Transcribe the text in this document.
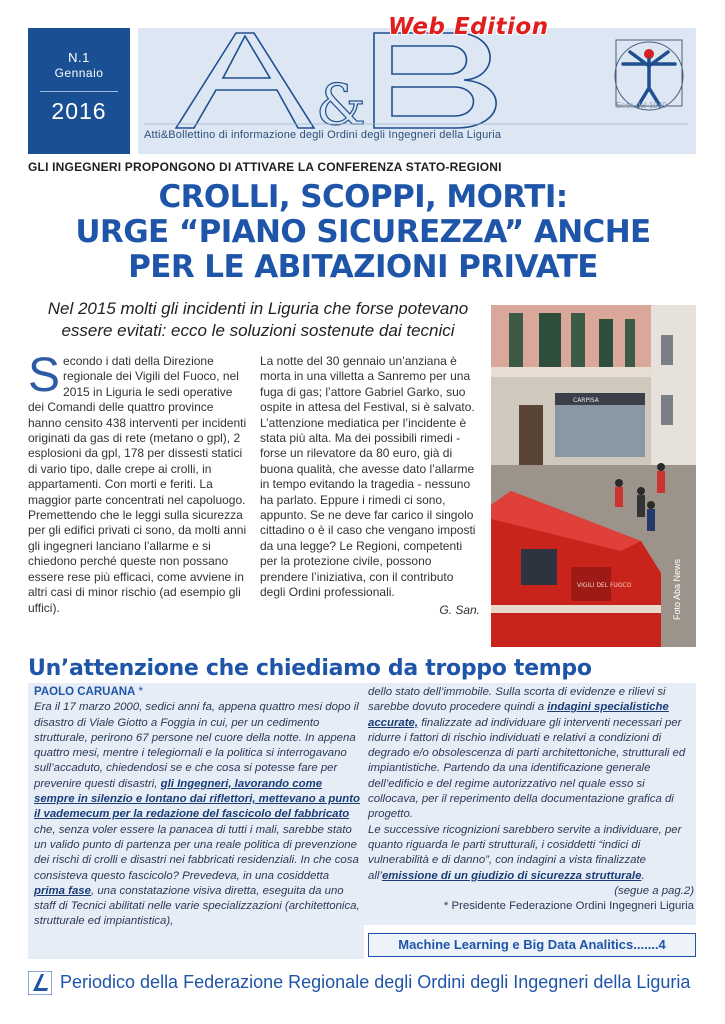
N.1
Gennaio
2016	&
Web Edition
Esce dal 1949
Atti&Bollettino di informazione degli Ordini degli Ingegneri della Liguria
GLI INGEGNERI PROPONGONO DI ATTIVARE LA CONFERENZA STATO-REGIONI
CROLLI, SCOPPI, MORTI:
URGE “PIANO SICUREZZA” ANCHE
PER LE ABITAZIONI PRIVATE
Nel 2015 molti gli incidenti in Liguria che forse potevano essere evitati: ecco le soluzioni sostenute dai tecnici
S econdo i dati della Direzione regionale dei Vigili del Fuoco, nel 2015 in Liguria le sedi operative dei Comandi delle quattro province hanno censito 438 interventi per incidenti originati da gas di rete (metano o gpl), 2 esplosioni da gpl, 178 per dissesti statici di vario tipo, dalle crepe ai crolli, in appartamenti. Con morti e feriti. La maggior parte concentrati nel capoluogo. Premettendo che le leggi sulla sicurezza per gli edifici privati ci sono, da molti anni gli ingegneri lanciano l’allarme e si chiedono perché queste non possano essere rese più efficaci, come avviene in altri casi di minor rischio (ad esempio gli uffici).
La notte del 30 gennaio un’anziana è morta in una villetta a Sanremo per una fuga di gas; l’attore Gabriel Garko, suo ospite in attesa del Festival, si è salvato. L’attenzione mediatica per l’incidente è stata più alta. Ma dei possibili rimedi - forse un rilevatore da 80 euro, già di buona qualità, che avesse dato l’allarme in tempo evitando la tragedia - nessuno ha parlato. Eppure i rimedi ci sono, appunto. Se ne deve far carico il singolo cittadino o è il caso che vengano imposti da una legge? Le Regioni, competenti per la protezione civile, possono prendere l’iniziativa, con il contributo degli Ordini professionali.
G. San.
CARPISA
VIGILI DEL FUOCO	Foto Aba News
Un’attenzione che chiediamo da troppo tempo
PAOLO CARUANA *
Era il 17 marzo 2000, sedici anni fa, appena quattro mesi dopo il disastro di Viale Giotto a Foggia in cui, per un cedimento strutturale, perirono 67 persone nel cuore della notte. In appena quattro mesi, mentre i telegiornali e la politica si interrogavano sull’accaduto, chiedendosi se e che cosa si potesse fare per prevenire questi disastri, gli Ingegneri, lavorando come sempre in silenzio e lontano dai riflettori, mettevano a punto il vademecum per la redazione del fascicolo del fabbricato che, senza voler essere la panacea di tutti i mali, sarebbe stato un valido punto di partenza per una reale politica di prevenzione dei rischi di crolli e disastri nei fabbricati residenziali. In che cosa consisteva questo fascicolo? Prevedeva, in una cosiddetta prima fase, una constatazione visiva diretta, eseguita da uno staff di Tecnici abilitati nelle varie specializzazioni (architettonica, strutturale ed impiantistica),
dello stato dell’immobile. Sulla scorta di evidenze e rilievi si sarebbe dovuto procedere quindi a indagini specialistiche accurate, finalizzate ad individuare gli interventi necessari per ridurre i fattori di rischio individuati e relativi a condizioni di degrado e/o obsolescenza di parti architettoniche, strutturali ed impiantistiche. Partendo da una identificazione generale dell’edificio e del regime autorizzativo nel quale esso si collocava, per il reperimento della documentazione grafica di progetto.
Le successive ricognizioni sarebbero servite a individuare, per quanto riguarda le parti strutturali, i cosiddetti “indici di vulnerabilità e di danno”, con indagini a vista finalizzate all’emissione di un giudizio di sicurezza strutturale.
(segue a pag.2)
* Presidente Federazione Ordini Ingegneri Liguria
Machine Learning e Big Data Analitics.......4
Periodico della Federazione Regionale degli Ordini degli Ingegneri della Liguria
